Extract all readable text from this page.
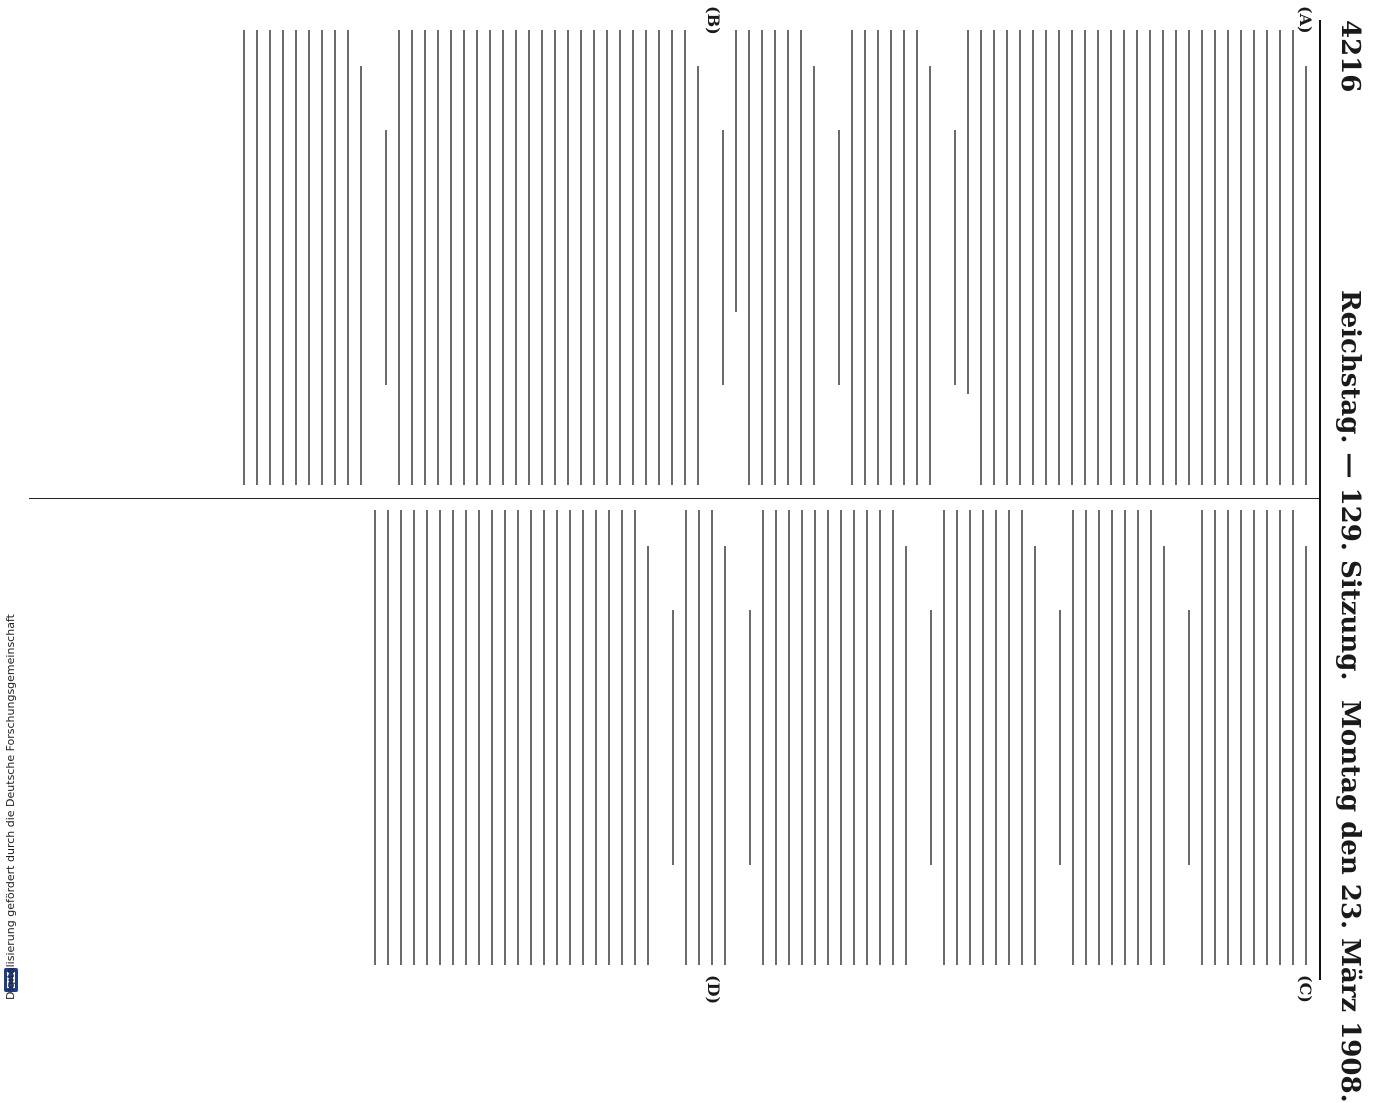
4216
Reichstag. — 129. Sitzung.
Montag den 23. März 1908.
(A)
(B)
(C)
(D)
Digitalisierung gefördert durch die Deutsche Forschungsgemeinschaft
